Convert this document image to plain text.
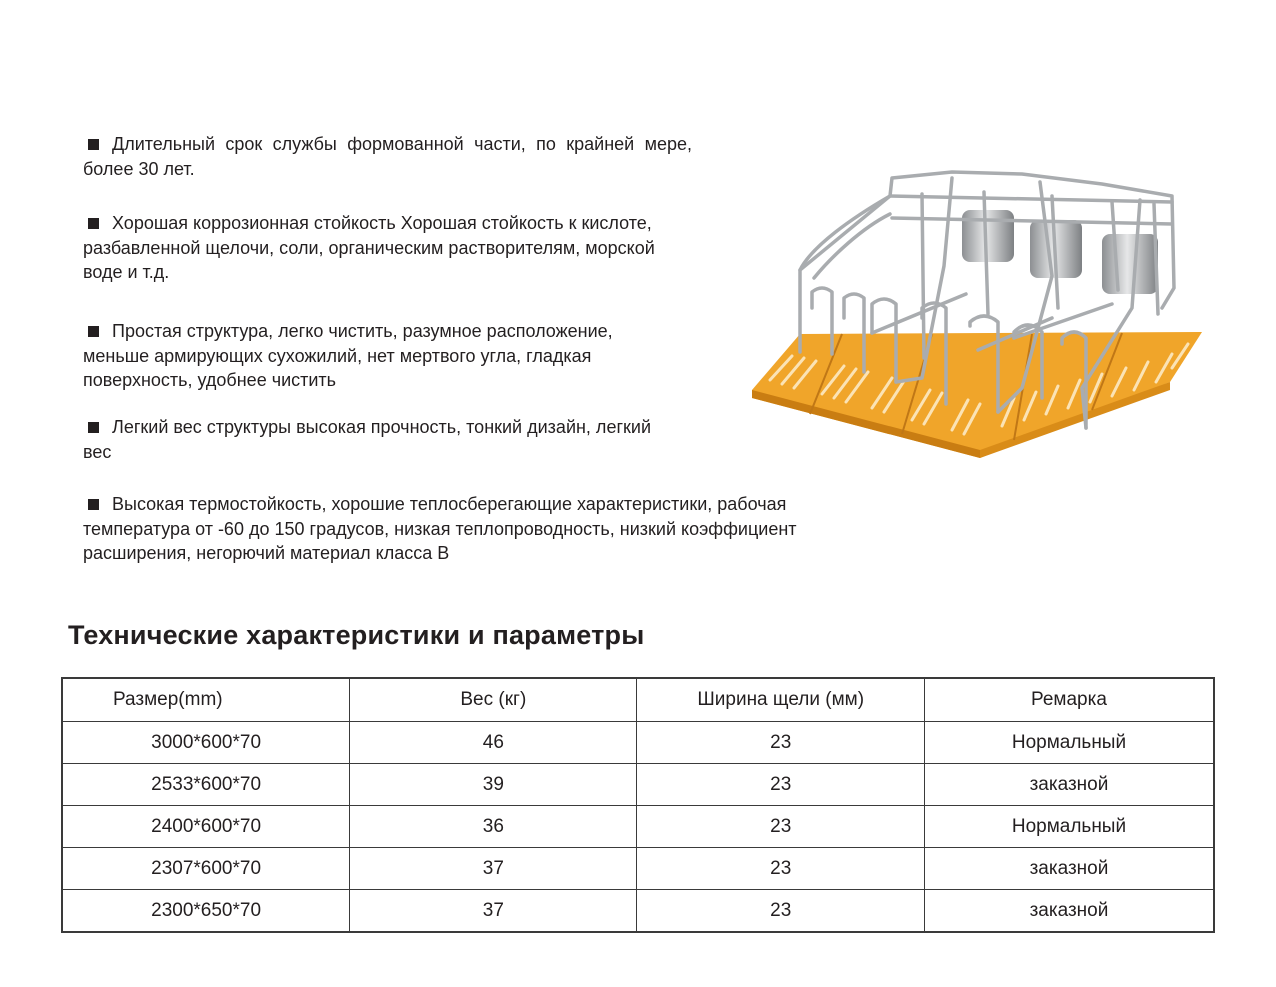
Длительный срок службы формованной части, по крайней мере, более 30 лет.
Хорошая коррозионная стойкость Хорошая стойкость к кислоте, разбавленной щелочи, соли, органическим растворителям, морской воде и т.д.
Простая структура, легко чистить, разумное расположение, меньше армирующих сухожилий, нет мертвого угла, гладкая поверхность, удобнее чистить
Легкий вес структуры высокая прочность, тонкий дизайн, легкий вес
Высокая термостойкость, хорошие теплосберегающие характеристики, рабочая температура от -60 до 150 градусов, низкая теплопроводность, низкий коэффициент расширения, негорючий материал класса B
Технические характеристики и параметры
Размер(mm)	Вес (кг)	Ширина щели (мм)	Ремарка
3000*600*70	46	23	Нормальный
2533*600*70	39	23	заказной
2400*600*70	36	23	Нормальный
2307*600*70	37	23	заказной
2300*650*70	37	23	заказной
